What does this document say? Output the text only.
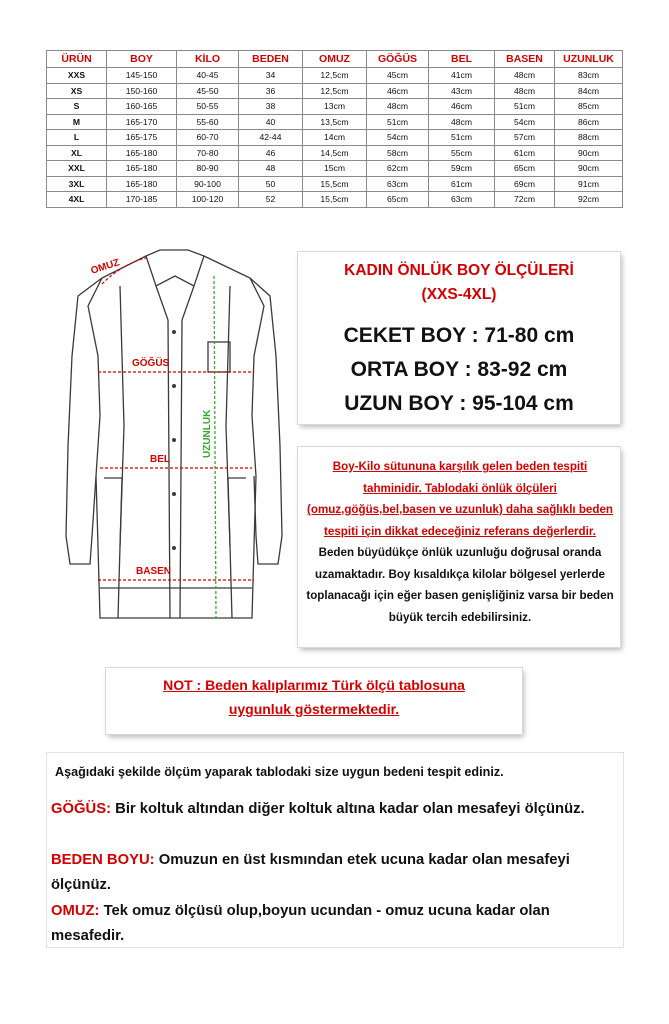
ÜRÜN	BOY	KİLO	BEDEN	OMUZ	GÖĞÜS	BEL	BASEN	UZUNLUK
XXS	145-150	40-45	34	12,5cm	45cm	41cm	48cm	83cm
XS	150-160	45-50	36	12,5cm	46cm	43cm	48cm	84cm
S	160-165	50-55	38	13cm	48cm	46cm	51cm	85cm
M	165-170	55-60	40	13,5cm	51cm	48cm	54cm	86cm
L	165-175	60-70	42-44	14cm	54cm	51cm	57cm	88cm
XL	165-180	70-80	46	14,5cm	58cm	55cm	61cm	90cm
XXL	165-180	80-90	48	15cm	62cm	59cm	65cm	90cm
3XL	165-180	90-100	50	15,5cm	63cm	61cm	69cm	91cm
4XL	170-185	100-120	52	15,5cm	65cm	63cm	72cm	92cm
OMUZ
GÖĞÜS
BEL
BASEN
UZUNLUK
KADIN ÖNLÜK BOY ÖLÇÜLERİ
(XXS-4XL)
CEKET BOY : 71-80 cm
ORTA BOY : 83-92 cm
UZUN BOY : 95-104 cm
Boy-Kilo sütununa karşılık gelen beden tespiti tahminidir. Tablodaki önlük ölçüleri (omuz,göğüs,bel,basen ve uzunluk) daha sağlıklı beden tespiti için dikkat edeceğiniz referans değerlerdir. Beden büyüdükçe önlük uzunluğu doğrusal oranda uzamaktadır. Boy kısaldıkça kilolar bölgesel yerlerde toplanacağı için eğer basen genişliğiniz varsa bir beden büyük tercih edebilirsiniz.
NOT : Beden kalıplarımız Türk ölçü tablosuna
uygunluk göstermektedir.
Aşağıdaki şekilde ölçüm yaparak tablodaki size uygun bedeni tespit ediniz.
GÖĞÜS: Bir koltuk altından diğer koltuk altına kadar olan mesafeyi ölçünüz.
BEDEN BOYU: Omuzun en üst kısmından etek ucuna kadar olan mesafeyi ölçünüz.
OMUZ: Tek omuz ölçüsü olup,boyun ucundan - omuz ucuna kadar olan mesafedir.
